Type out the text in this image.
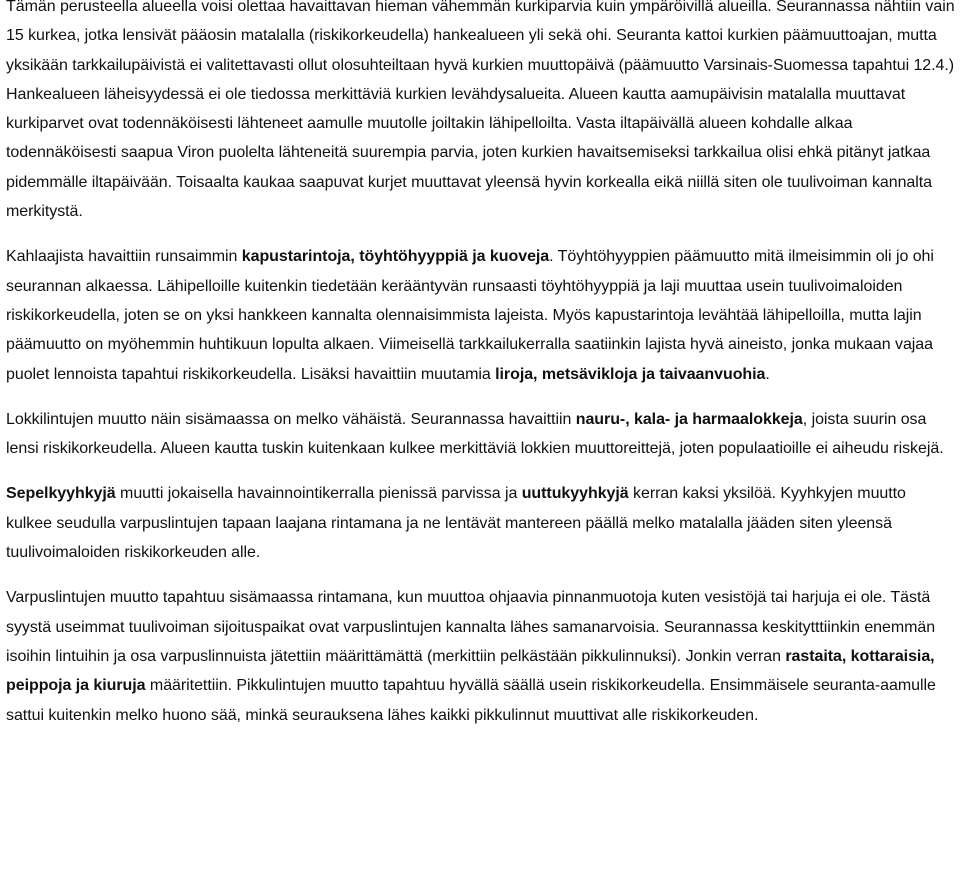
Tämän perusteella alueella voisi olettaa havaittavan hieman vähemmän kurkiparvia kuin ympäröivillä alueilla. Seurannassa nähtiin vain 15 kurkea, jotka lensivät pääosin matalalla (riskikorkeudella) hankealueen yli sekä ohi. Seuranta kattoi kurkien päämuuttoajan, mutta yksikään tarkkailupäivistä ei valitettavasti ollut olosuhteiltaan hyvä kurkien muuttopäivä (päämuutto Varsinais-Suomessa tapahtui 12.4.) Hankealueen läheisyydessä ei ole tiedossa merkittäviä kurkien levähdysalueita. Alueen kautta aamupäivisin matalalla muuttavat kurkiparvet ovat todennäköisesti lähteneet aamulle muutolle joiltakin lähipelloilta. Vasta iltapäivällä alueen kohdalle alkaa todennäköisesti saapua Viron puolelta lähteneitä suurempia parvia, joten kurkien havaitsemiseksi tarkkailua olisi ehkä pitänyt jatkaa pidemmälle iltapäivään. Toisaalta kaukaa saapuvat kurjet muuttavat yleensä hyvin korkealla eikä niillä siten ole tuulivoiman kannalta merkitystä.

Kahlaajista havaittiin runsaimmin kapustarintoja, töyhtöhyyppiä ja kuoveja. Töyhtöhyyppien päämuutto mitä ilmeisimmin oli jo ohi seurannan alkaessa. Lähipelloille kuitenkin tiedetään kerääntyvän runsaasti töyhtöhyyppiä ja laji muuttaa usein tuulivoimaloiden riskikorkeudella, joten se on yksi hankkeen kannalta olennaisimmista lajeista. Myös kapustarintoja levähtää lähipelloilla, mutta lajin päämuutto on myöhemmin huhtikuun lopulta alkaen. Viimeisellä tarkkailukerralla saatiinkin lajista hyvä aineisto, jonka mukaan vajaa puolet lennoista tapahtui riskikorkeudella. Lisäksi havaittiin muutamia liroja, metsävikloja ja taivaanvuohia.

Lokkilintujen muutto näin sisämaassa on melko vähäistä. Seurannassa havaittiin nauru-, kala- ja harmaalokkeja, joista suurin osa lensi riskikorkeudella. Alueen kautta tuskin kuitenkaan kulkee merkittäviä lokkien muuttoreittejä, joten populaatioille ei aiheudu riskejä.

Sepelkyyhkyjä muutti jokaisella havainnointikerralla pienissä parvissa ja uuttukyyhkyjä kerran kaksi yksilöä. Kyyhkyjen muutto kulkee seudulla varpuslintujen tapaan laajana rintamana ja ne lentävät mantereen päällä melko matalalla jääden siten yleensä tuulivoimaloiden riskikorkeuden alle.

Varpuslintujen muutto tapahtuu sisämaassa rintamana, kun muuttoa ohjaavia pinnanmuotoja kuten vesistöjä tai harjuja ei ole. Tästä syystä useimmat tuulivoiman sijoituspaikat ovat varpuslintujen kannalta lähes samanarvoisia. Seurannassa keskitytttiinkin enemmän isoihin lintuihin ja osa varpuslinnuista jätettiin määrittämättä (merkittiin pelkästään pikkulinnuksi). Jonkin verran rastaita, kottaraisia, peippoja ja kiuruja määritettiin. Pikkulintujen muutto tapahtuu hyvällä säällä usein riskikorkeudella. Ensimmäisele seuranta-aamulle sattui kuitenkin melko huono sää, minkä seurauksena lähes kaikki pikkulinnut muuttivat alle riskikorkeuden.
